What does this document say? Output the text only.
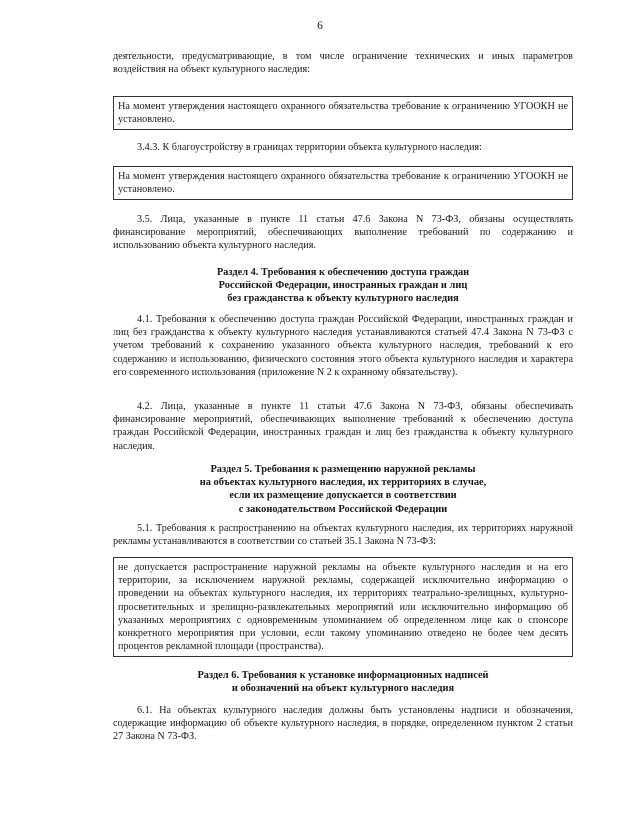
6

деятельности, предусматривающие, в том числе ограничение технических и иных параметров воздействия на объект культурного наследия:

На момент утверждения настоящего охранного обязательства требование к ограничению УГООКН не установлено.

3.4.3. К благоустройству в границах территории объекта культурного наследия:

На момент утверждения настоящего охранного обязательства требование к ограничению УГООКН не установлено.

3.5. Лица, указанные в пункте 11 статьи 47.6 Закона N 73-ФЗ, обязаны осуществлять финансирование мероприятий, обеспечивающих выполнение требований по содержанию и использованию объекта культурного наследия.

Раздел 4. Требования к обеспечению доступа граждан
Российской Федерации, иностранных граждан и лиц
без гражданства к объекту культурного наследия

4.1. Требования к обеспечению доступа граждан Российской Федерации, иностранных граждан и лиц без гражданства к объекту культурного наследия устанавливаются статьей 47.4 Закона N 73-ФЗ с учетом требований к сохранению указанного объекта культурного наследия, требований к его содержанию и использованию, физического состояния этого объекта культурного наследия и характера его современного использования (приложение N 2 к охранному обязательству).

4.2. Лица, указанные в пункте 11 статьи 47.6 Закона N 73-ФЗ, обязаны обеспечивать финансирование мероприятий, обеспечивающих выполнение требований к обеспечению доступа граждан Российской Федерации, иностранных граждан и лиц без гражданства к объекту культурного наследия.

Раздел 5. Требования к размещению наружной рекламы
на объектах культурного наследия, их территориях в случае,
если их размещение допускается в соответствии
с законодательством Российской Федерации

5.1. Требования к распространению на объектах культурного наследия, их территориях наружной рекламы устанавливаются в соответствии со статьей 35.1 Закона N 73-ФЗ:

не допускается распространение наружной рекламы на объекте культурного наследия и на его территории, за исключением наружной рекламы, содержащей исключительно информацию о проведении на объектах культурного наследия, их территориях театрально-зрелищных, культурно-просветительных и зрелищно-развлекательных мероприятий или исключительно информацию об указанных мероприятиях с одновременным упоминанием об определенном лице как о спонсоре конкретного мероприятия при условии, если такому упоминанию отведено не более чем десять процентов рекламной площади (пространства).
Раздел 6. Требования к установке информационных надписей
и обозначений на объект культурного наследия

6.1. На объектах культурного наследия должны быть установлены надписи и обозначения, содержащие информацию об объекте культурного наследия, в порядке, определенном пунктом 2 статьи 27 Закона N 73-ФЗ.
